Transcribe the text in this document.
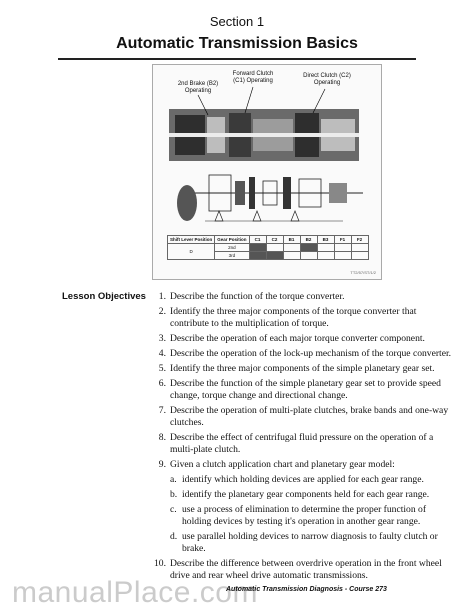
Section 1
Automatic Transmission Basics
2nd Brake (B2)
Operating
Forward Clutch
(C1) Operating
Direct Clutch (C2)
Operating
Shift Lever Position	Gear Position	C1	C2	B1	B2	B3	F1	F2
D	2nd							
	3rd							
TT2/57/ST/1/2
Lesson Objectives	1. Describe the function of the torque converter.
2. Identify the three major components of the torque converter that contribute to the multiplication of torque.
3. Describe the operation of each major torque converter component.
4. Describe the operation of the lock-up mechanism of the torque converter.
5. Identify the three major components of the simple planetary gear set.
6. Describe the function of the simple planetary gear set to provide speed change, torque change and directional change.
7. Describe the operation of multi-plate clutches, brake bands and one-way clutches.
8. Describe the effect of centrifugal fluid pressure on the operation of a multi-plate clutch.
9. Given a clutch application chart and planetary gear model:
a. identify which holding devices are applied for each gear range.
b. identify the planetary gear components held for each gear range.
c. use a process of elimination to determine the proper function of holding devices by testing it's operation in another gear range.
d. use parallel holding devices to narrow diagnosis to faulty clutch or brake.
10. Describe the difference between overdrive operation in the front wheel drive and rear wheel drive automatic transmissions.
manualPlace.com
Automatic Transmission Diagnosis - Course 273
